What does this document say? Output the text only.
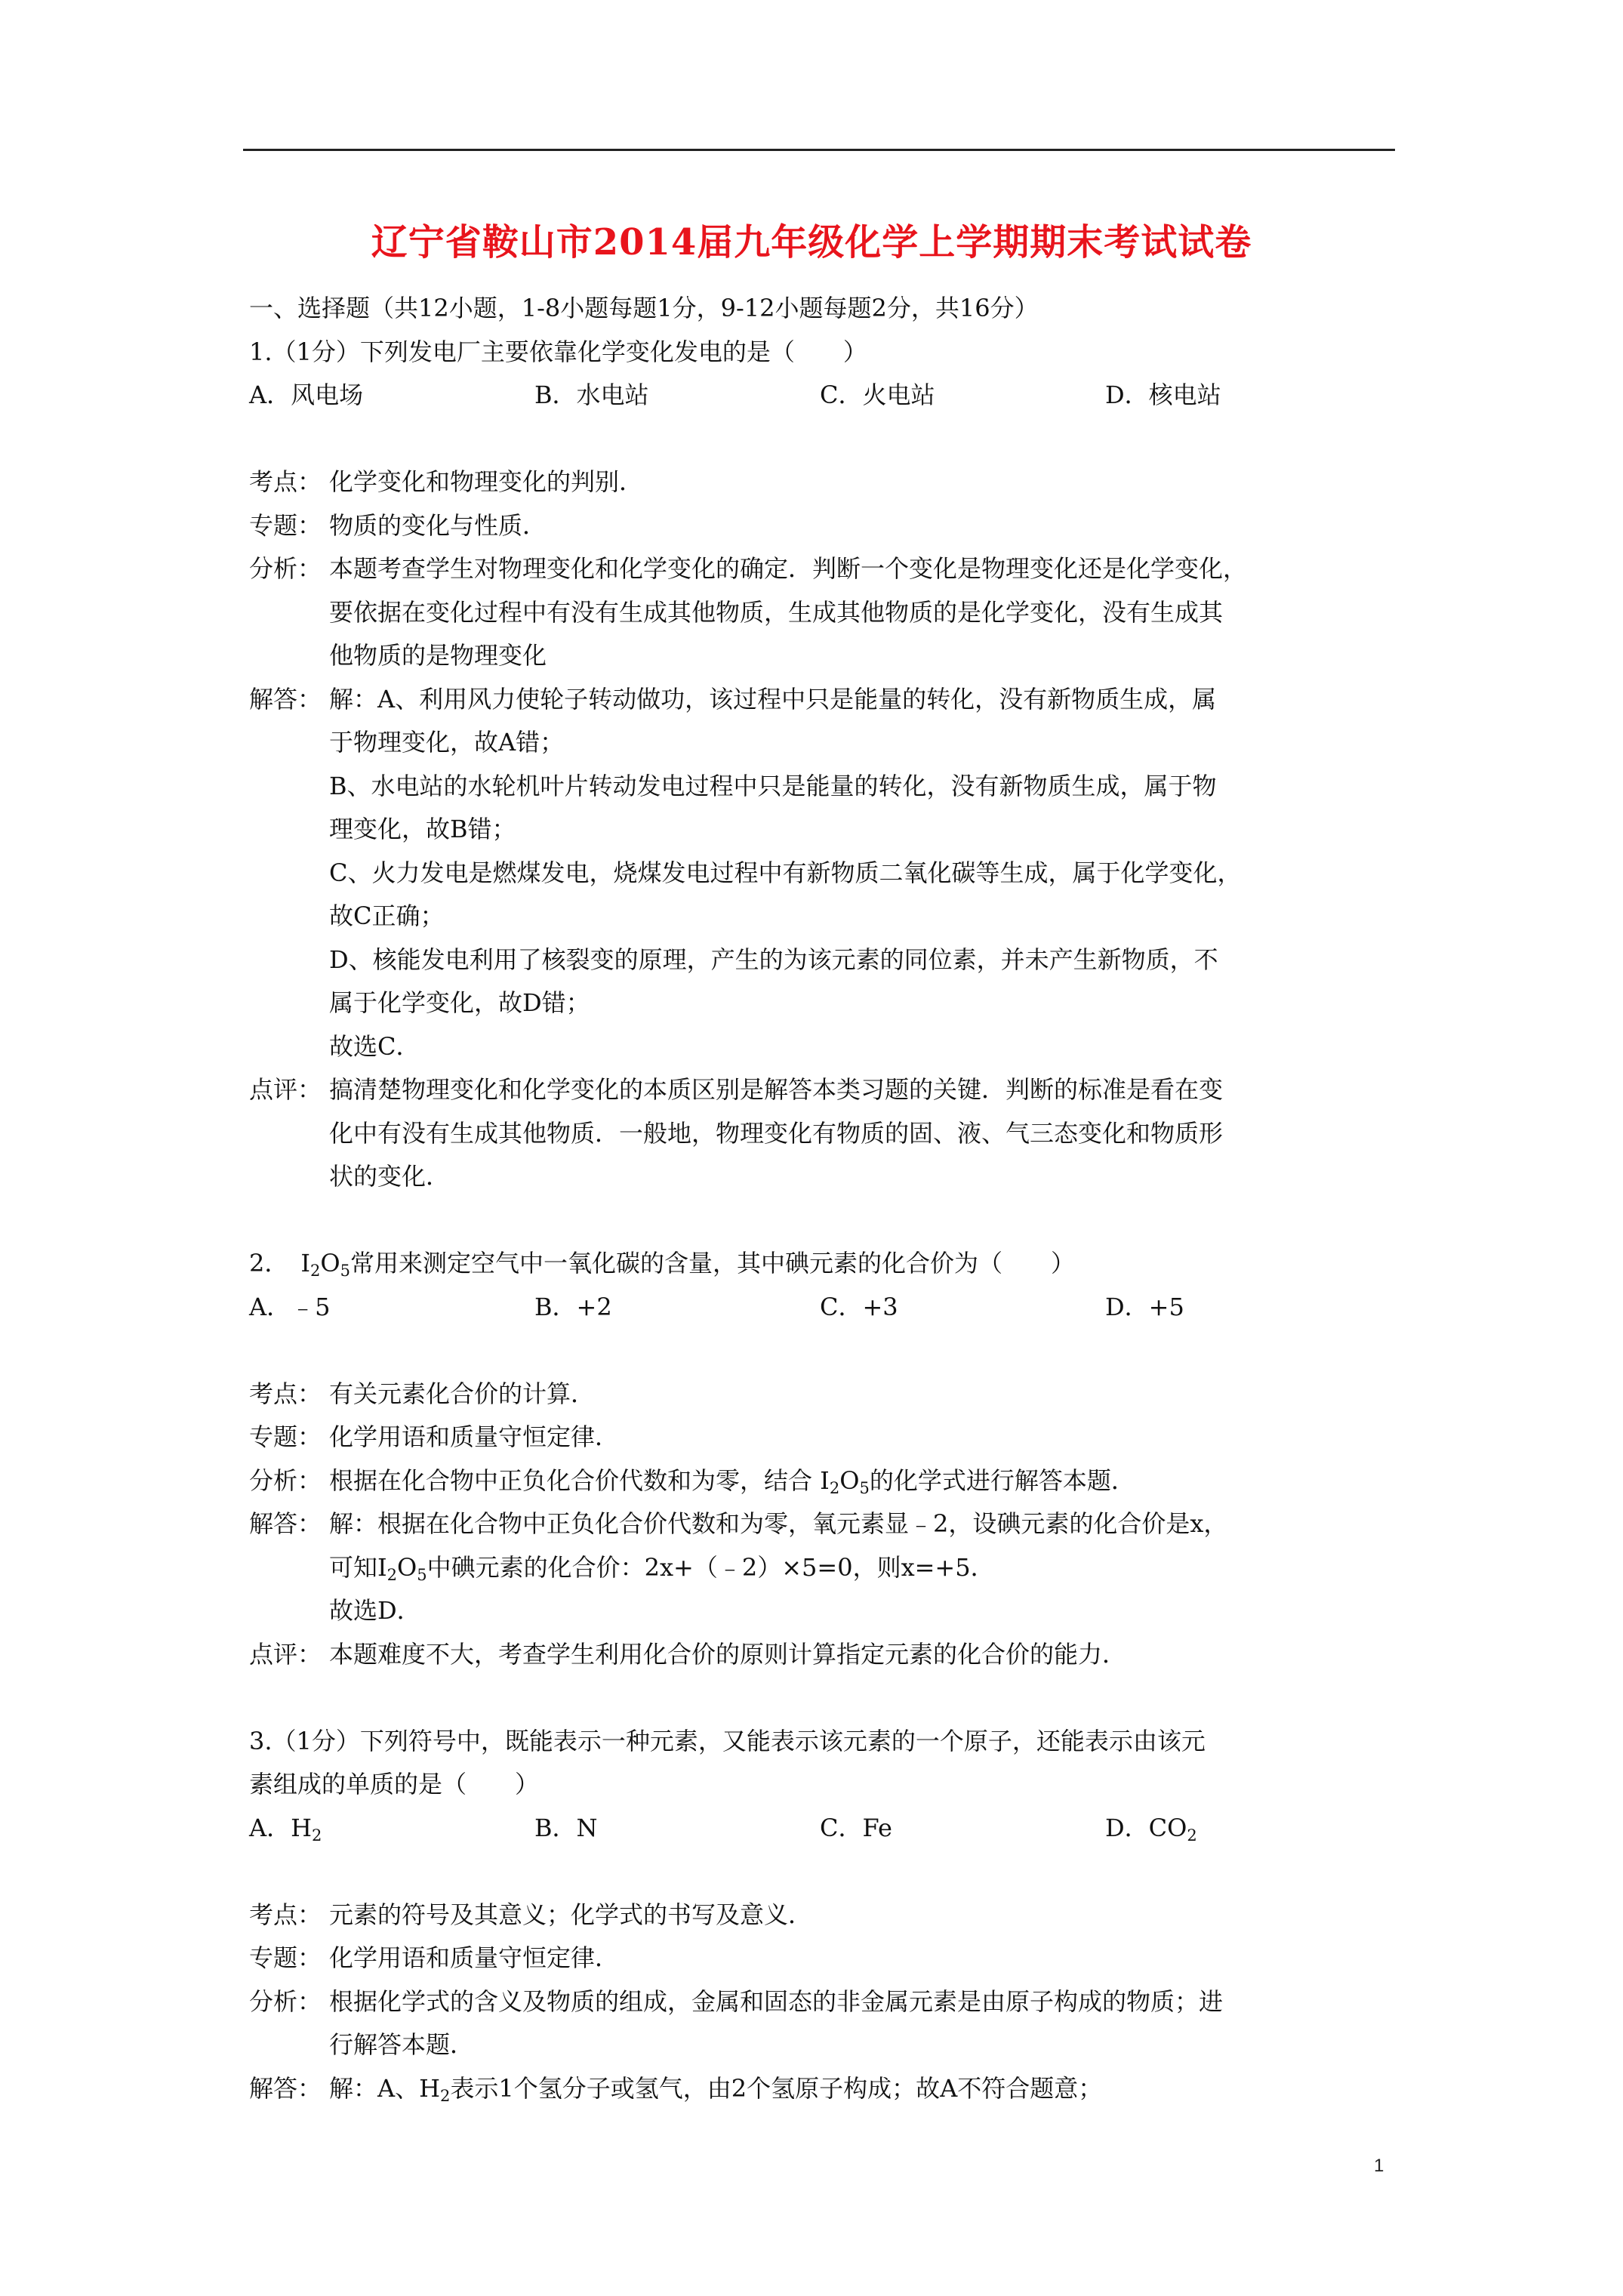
辽宁省鞍山市2014届九年级化学上学期期末考试试卷
一、选择题（共12小题，1-8小题每题1分，9-12小题每题2分，共16分）
1.（1分）下列发电厂主要依靠化学变化发电的是（　　）
A．风电场	B．水电站	C．火电站	D．核电站
考点： 化学变化和物理变化的判别．
专题： 物质的变化与性质．
分析： 本题考查学生对物理变化和化学变化的确定．判断一个变化是物理变化还是化学变化，
要依据在变化过程中有没有生成其他物质，生成其他物质的是化学变化，没有生成其
他物质的是物理变化
解答： 解：A、利用风力使轮子转动做功，该过程中只是能量的转化，没有新物质生成，属
于物理变化，故A错；
B、水电站的水轮机叶片转动发电过程中只是能量的转化，没有新物质生成，属于物
理变化，故B错；
C、火力发电是燃煤发电，烧煤发电过程中有新物质二氧化碳等生成，属于化学变化，
故C正确；
D、核能发电利用了核裂变的原理，产生的为该元素的同位素，并未产生新物质，不
属于化学变化，故D错；
故选C．
点评： 搞清楚物理变化和化学变化的本质区别是解答本类习题的关键．判断的标准是看在变
化中有没有生成其他物质．一般地，物理变化有物质的固、液、气三态变化和物质形
状的变化．
2．　$I_2O_5$常用来测定空气中一氧化碳的含量，其中碘元素的化合价为（　　）
A．﹣5	B．+2	C．+3	D．+5
考点： 有关元素化合价的计算．
专题： 化学用语和质量守恒定律．
分析： 根据在化合物中正负化合价代数和为零，结合 $I_2O_5$的化学式进行解答本题．
解答： 解：根据在化合物中正负化合价代数和为零，氧元素显﹣2，设碘元素的化合价是x，
可知$I_2O_5$中碘元素的化合价：2x+（﹣2）×5=0，则x=+5．
故选D．
点评： 本题难度不大，考查学生利用化合价的原则计算指定元素的化合价的能力．
3.（1分）下列符号中，既能表示一种元素，又能表示该元素的一个原子，还能表示由该元
素组成的单质的是（　　）
A．$H_2$	B．N	C．Fe	D．$CO_2$
考点： 元素的符号及其意义；化学式的书写及意义．
专题： 化学用语和质量守恒定律．
分析： 根据化学式的含义及物质的组成，金属和固态的非金属元素是由原子构成的物质；进
行解答本题．
解答： 解：A、$H_2$表示1个氢分子或氢气，由2个氢原子构成；故A不符合题意；
1
